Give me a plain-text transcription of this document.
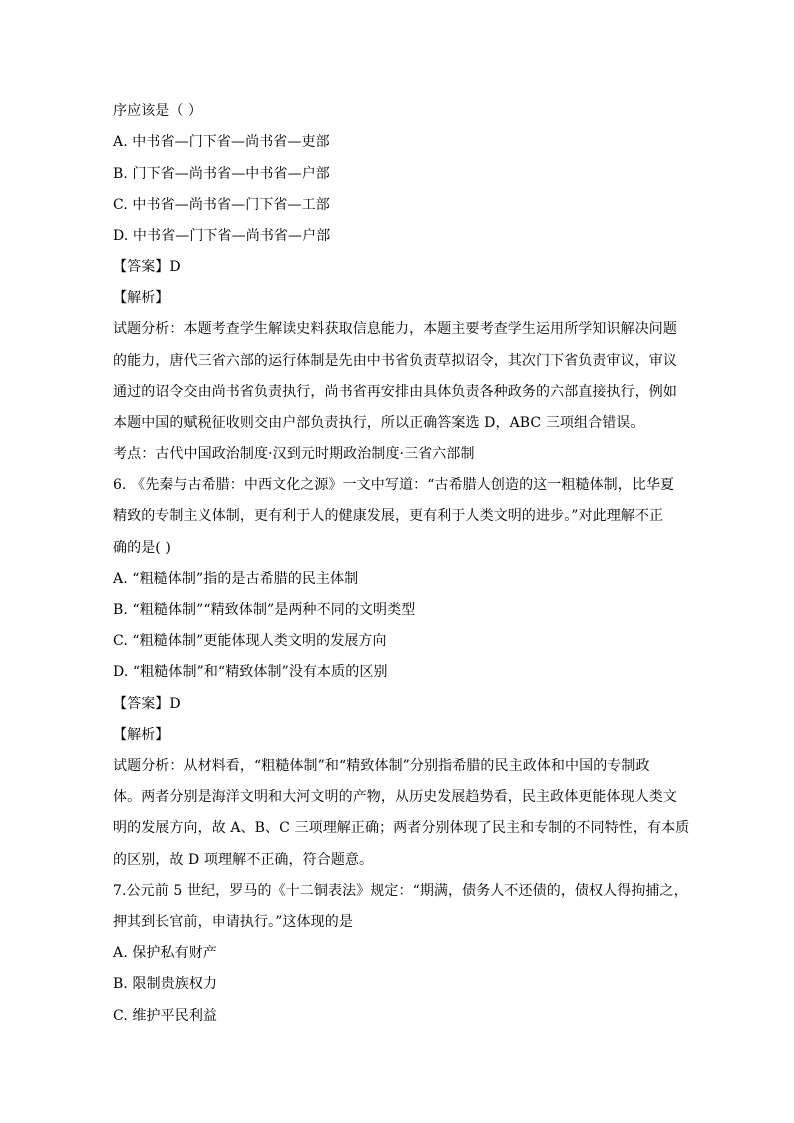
序应该是（ ）
A. 中书省—门下省—尚书省—吏部
B. 门下省—尚书省—中书省—户部
C. 中书省—尚书省—门下省—工部
D. 中书省—门下省—尚书省—户部
【答案】D
【解析】
试题分析：本题考查学生解读史料获取信息能力，本题主要考查学生运用所学知识解决问题
的能力，唐代三省六部的运行体制是先由中书省负责草拟诏令，其次门下省负责审议，审议
通过的诏令交由尚书省负责执行，尚书省再安排由具体负责各种政务的六部直接执行，例如
本题中国的赋税征收则交由户部负责执行，所以正确答案选 D，ABC 三项组合错误。
考点：古代中国政治制度·汉到元时期政治制度·三省六部制
6. 《先秦与古希腊：中西文化之源》一文中写道：“古希腊人创造的这一粗糙体制，比华夏
精致的专制主义体制，更有利于人的健康发展，更有利于人类文明的进步。”对此理解不正
确的是( )
A. “粗糙体制”指的是古希腊的民主体制
B. “粗糙体制”“精致体制”是两种不同的文明类型
C. “粗糙体制”更能体现人类文明的发展方向
D. “粗糙体制”和“精致体制”没有本质的区别
【答案】D
【解析】
试题分析：从材料看，“粗糙体制”和“精致体制”分别指希腊的民主政体和中国的专制政
体。两者分别是海洋文明和大河文明的产物，从历史发展趋势看，民主政体更能体现人类文
明的发展方向，故 A、B、C 三项理解正确；两者分别体现了民主和专制的不同特性，有本质
的区别，故 D 项理解不正确，符合题意。
7.公元前 5 世纪，罗马的《十二铜表法》规定：“期满，债务人不还债的，债权人得拘捕之，
押其到长官前，申请执行。”这体现的是
A. 保护私有财产
B. 限制贵族权力
C. 维护平民利益
